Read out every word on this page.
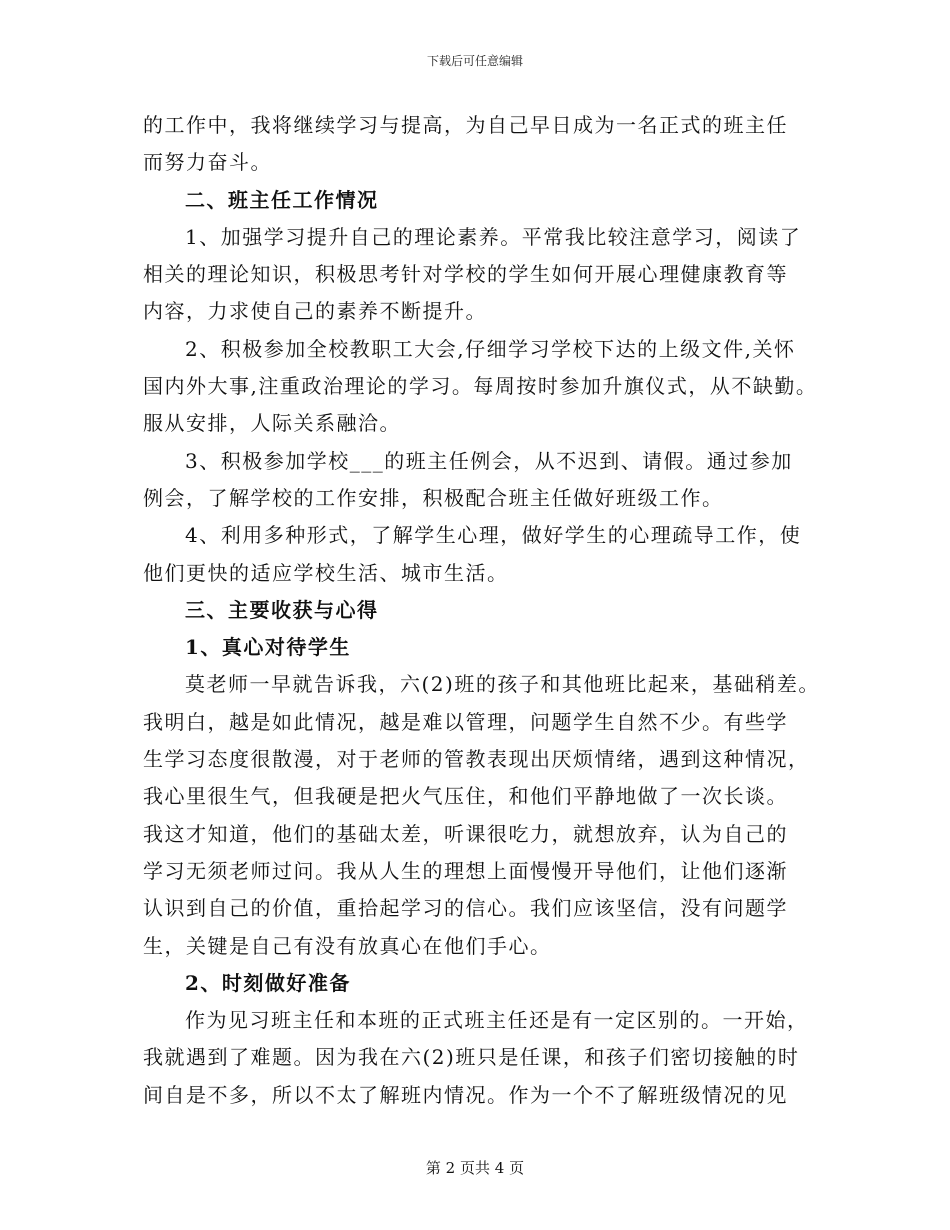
下载后可任意编辑
的工作中，我将继续学习与提高，为自己早日成为一名正式的班主任
而努力奋斗。
二、班主任工作情况
1、加强学习提升自己的理论素养。平常我比较注意学习，阅读了
相关的理论知识，积极思考针对学校的学生如何开展心理健康教育等
内容，力求使自己的素养不断提升。
2、积极参加全校教职工大会,仔细学习学校下达的上级文件,关怀
国内外大事,注重政治理论的学习。每周按时参加升旗仪式，从不缺勤。
服从安排，人际关系融洽。
3、积极参加学校___的班主任例会，从不迟到、请假。通过参加
例会，了解学校的工作安排，积极配合班主任做好班级工作。
4、利用多种形式，了解学生心理，做好学生的心理疏导工作，使
他们更快的适应学校生活、城市生活。
三、主要收获与心得
1、真心对待学生
莫老师一早就告诉我，六(2)班的孩子和其他班比起来，基础稍差。
我明白，越是如此情况，越是难以管理，问题学生自然不少。有些学
生学习态度很散漫，对于老师的管教表现出厌烦情绪，遇到这种情况，
我心里很生气，但我硬是把火气压住，和他们平静地做了一次长谈。
我这才知道，他们的基础太差，听课很吃力，就想放弃，认为自己的
学习无须老师过问。我从人生的理想上面慢慢开导他们，让他们逐渐
认识到自己的价值，重拾起学习的信心。我们应该坚信，没有问题学
生，关键是自己有没有放真心在他们手心。
2、时刻做好准备
作为见习班主任和本班的正式班主任还是有一定区别的。一开始，
我就遇到了难题。因为我在六(2)班只是任课，和孩子们密切接触的时
间自是不多，所以不太了解班内情况。作为一个不了解班级情况的见
第 2 页共 4 页
